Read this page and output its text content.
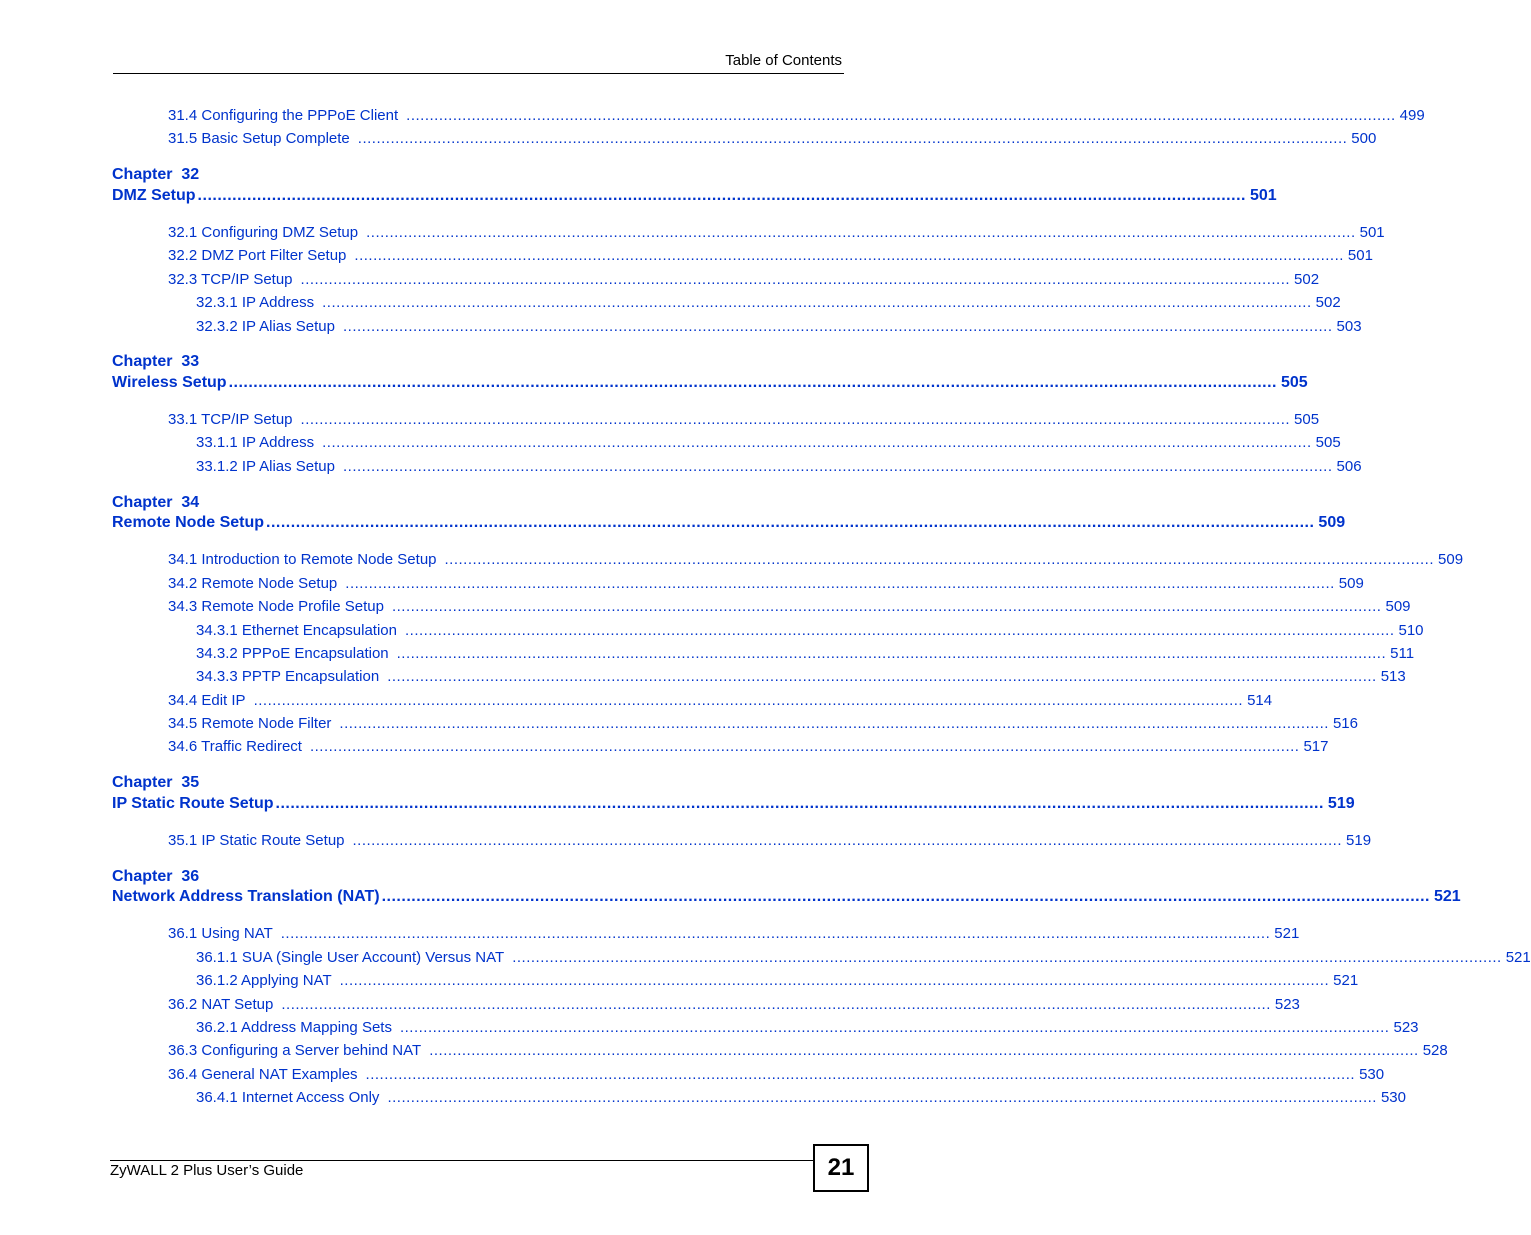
Table of Contents
31.4 Configuring the PPPoE Client .................................................................................................................................................................................................................... 499
31.5 Basic Setup Complete .................................................................................................................................................................................................................... 500
Chapter  32
DMZ Setup .................................................................................................................................................................................................................... 501
32.1 Configuring DMZ Setup .................................................................................................................................................................................................................... 501
32.2 DMZ Port Filter Setup .................................................................................................................................................................................................................... 501
32.3 TCP/IP Setup .................................................................................................................................................................................................................... 502
32.3.1 IP Address .................................................................................................................................................................................................................... 502
32.3.2 IP Alias Setup .................................................................................................................................................................................................................... 503
Chapter  33
Wireless Setup .................................................................................................................................................................................................................... 505
33.1 TCP/IP Setup .................................................................................................................................................................................................................... 505
33.1.1 IP Address .................................................................................................................................................................................................................... 505
33.1.2 IP Alias Setup .................................................................................................................................................................................................................... 506
Chapter  34
Remote Node Setup .................................................................................................................................................................................................................... 509
34.1 Introduction to Remote Node Setup .................................................................................................................................................................................................................... 509
34.2 Remote Node Setup .................................................................................................................................................................................................................... 509
34.3 Remote Node Profile Setup .................................................................................................................................................................................................................... 509
34.3.1 Ethernet Encapsulation .................................................................................................................................................................................................................... 510
34.3.2 PPPoE Encapsulation .................................................................................................................................................................................................................... 511
34.3.3 PPTP Encapsulation .................................................................................................................................................................................................................... 513
34.4 Edit IP .................................................................................................................................................................................................................... 514
34.5 Remote Node Filter .................................................................................................................................................................................................................... 516
34.6 Traffic Redirect .................................................................................................................................................................................................................... 517
Chapter  35
IP Static Route Setup .................................................................................................................................................................................................................... 519
35.1 IP Static Route Setup .................................................................................................................................................................................................................... 519
Chapter  36
Network Address Translation (NAT) .................................................................................................................................................................................................................... 521
36.1 Using NAT .................................................................................................................................................................................................................... 521
36.1.1 SUA (Single User Account) Versus NAT .................................................................................................................................................................................................................... 521
36.1.2 Applying NAT .................................................................................................................................................................................................................... 521
36.2 NAT Setup .................................................................................................................................................................................................................... 523
36.2.1 Address Mapping Sets .................................................................................................................................................................................................................... 523
36.3 Configuring a Server behind NAT .................................................................................................................................................................................................................... 528
36.4 General NAT Examples .................................................................................................................................................................................................................... 530
36.4.1 Internet Access Only .................................................................................................................................................................................................................... 530
ZyWALL 2 Plus User’s Guide	21
